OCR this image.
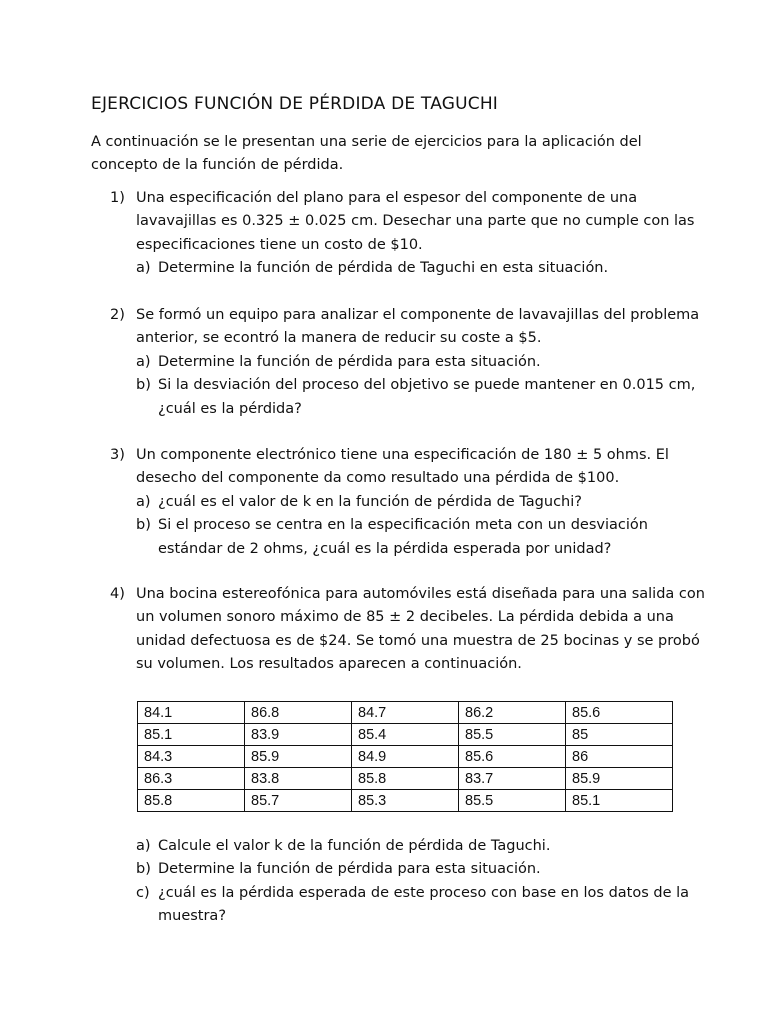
EJERCICIOS FUNCIÓN DE PÉRDIDA DE TAGUCHI
A continuación se le presentan una serie de ejercicios para la aplicación del
concepto de la función de pérdida.
1) Una especificación del plano para el espesor del componente de una
lavavajillas es 0.325 ± 0.025 cm. Desechar una parte que no cumple con las
especificaciones tiene un costo de $10.
a) Determine la función de pérdida de Taguchi en esta situación.
2) Se formó un equipo para analizar el componente de lavavajillas del problema
anterior, se econtró la manera de reducir su coste a $5.
a) Determine la función de pérdida para esta situación.
b) Si la desviación del proceso del objetivo se puede mantener en 0.015 cm,
¿cuál es la pérdida?
3) Un componente electrónico tiene una especificación de 180 ± 5 ohms. El
desecho del componente da como resultado una pérdida de $100.
a) ¿cuál es el valor de k en la función de pérdida de Taguchi?
b) Si el proceso se centra en la especificación meta con un desviación
estándar de 2 ohms, ¿cuál es la pérdida esperada por unidad?
4) Una bocina estereofónica para automóviles está diseñada para una salida con
un volumen sonoro máximo de 85 ± 2 decibeles. La pérdida debida a una
unidad defectuosa es de $24. Se tomó una muestra de 25 bocinas y se probó
su volumen. Los resultados aparecen a continuación.
84.1	86.8	84.7	86.2	85.6
85.1	83.9	85.4	85.5	85
84.3	85.9	84.9	85.6	86
86.3	83.8	85.8	83.7	85.9
85.8	85.7	85.3	85.5	85.1
a) Calcule el valor k de la función de pérdida de Taguchi.
b) Determine la función de pérdida para esta situación.
c) ¿cuál es la pérdida esperada de este proceso con base en los datos de la
muestra?
